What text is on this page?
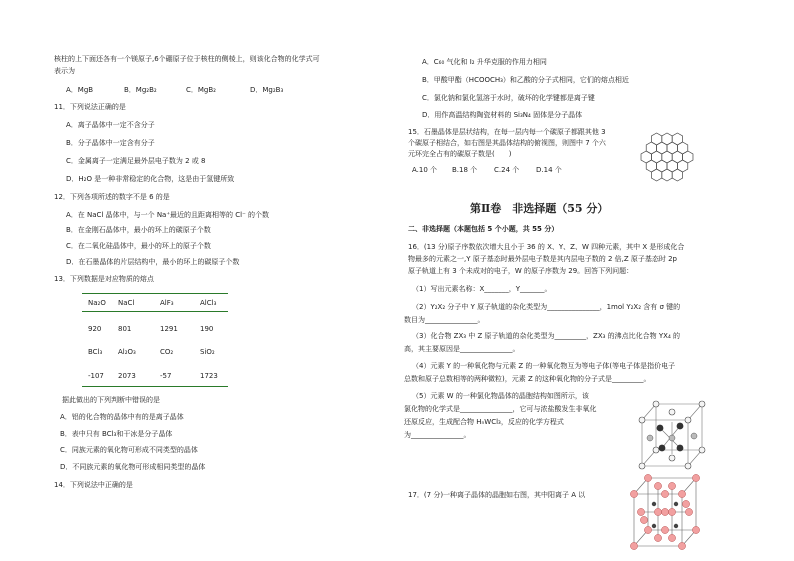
核柱的上下面还各有一个镁原子,6个硼原子位于核柱的侧棱上，则该化合物的化学式可
表示为
A．MgB	B．Mg₂B₂	C．MgB₂	D．Mg₂B₃
11．下列说法正确的是
A．离子晶体中一定不含分子
B．分子晶体中一定含有分子
C．金属离子一定满足最外层电子数为 2 或 8
D．H₂O 是一种非常稳定的化合物，这是由于氢键所致
12．下列各项所述的数字不是 6 的是
A．在 NaCl 晶体中，与一个 Na⁺最近的且距离相等的 Cl⁻ 的个数
B．在金刚石晶体中，最小的环上的碳原子个数
C．在二氧化硅晶体中，最小的环上的原子个数
D．在石墨晶体的片层结构中，最小的环上的碳原子个数
13．下列数据是对应物质的熔点
Na₂O NaCl	AlF₃	AlCl₃
920 801	1291	190
BCl₃ Al₂O₃	CO₂	SiO₂
-107 2073	-57	1723
据此做出的下列判断中错误的是
A．铝的化合物的晶体中有的是离子晶体
B．表中只有 BCl₃和干冰是分子晶体
C．同族元素的氧化物可形成不同类型的晶体
D．不同族元素的氧化物可形成相同类型的晶体
14．下列说法中正确的是
A．C₆₀ 气化和 I₂ 升华克服的作用力相同
B．甲酸甲酯（HCOOCH₃）和乙酸的分子式相同，它们的熔点相近
C．氯化钠和氯化氢溶于水时，破坏的化学键都是离子键
D．用作高温结构陶瓷材料的 Si₃N₄ 固体是分子晶体
15．石墨晶体是层状结构，在每一层内每一个碳原子都跟其他 3
个碳原子相结合，如右图是其晶体结构的俯视图，则图中 7 个六
元环完全占有的碳原子数是(　　)
A.10 个 B.18 个 C.24 个 D.14 个
第Ⅱ卷　非选择题（55 分）
二、非选择题（本题包括 5 个小题，共 55 分）
16．(13 分)原子序数依次增大且小于 36 的 X、Y、Z、W 四种元素，其中 X 是形成化合
物最多的元素之一,Y 原子基态时最外层电子数是其内层电子数的 2 倍,Z 原子基态时 2p
原子轨道上有 3 个未成对的电子，W 的原子序数为 29。回答下列问题：
（1）写出元素名称：X_______，Y_______。
（2）Y₂X₂ 分子中 Y 原子轨道的杂化类型为_______________，1mol Y₂X₂ 含有 σ 键的
数目为_______________。
（3）化合物 ZX₃ 中 Z 原子轨道的杂化类型为_________，ZX₃ 的沸点比化合物 YX₄ 的
高，其主要原因是_______________。
（4）元素 Y 的一种氧化物与元素 Z 的一种氧化物互为等电子体(等电子体是指价电子
总数和原子总数相等的两种微粒)，元素 Z 的这种氧化物的分子式是_________。
（5）元素 W 的一种氯化物晶体的晶胞结构如图所示，该
氯化物的化学式是_______________，它可与浓盐酸发生非氧化
还原反应，生成配合物 HₙWCl₃，反应的化学方程式
为_______________。
17．(7 分)一种离子晶体的晶胞如右图，其中阳离子 A 以
